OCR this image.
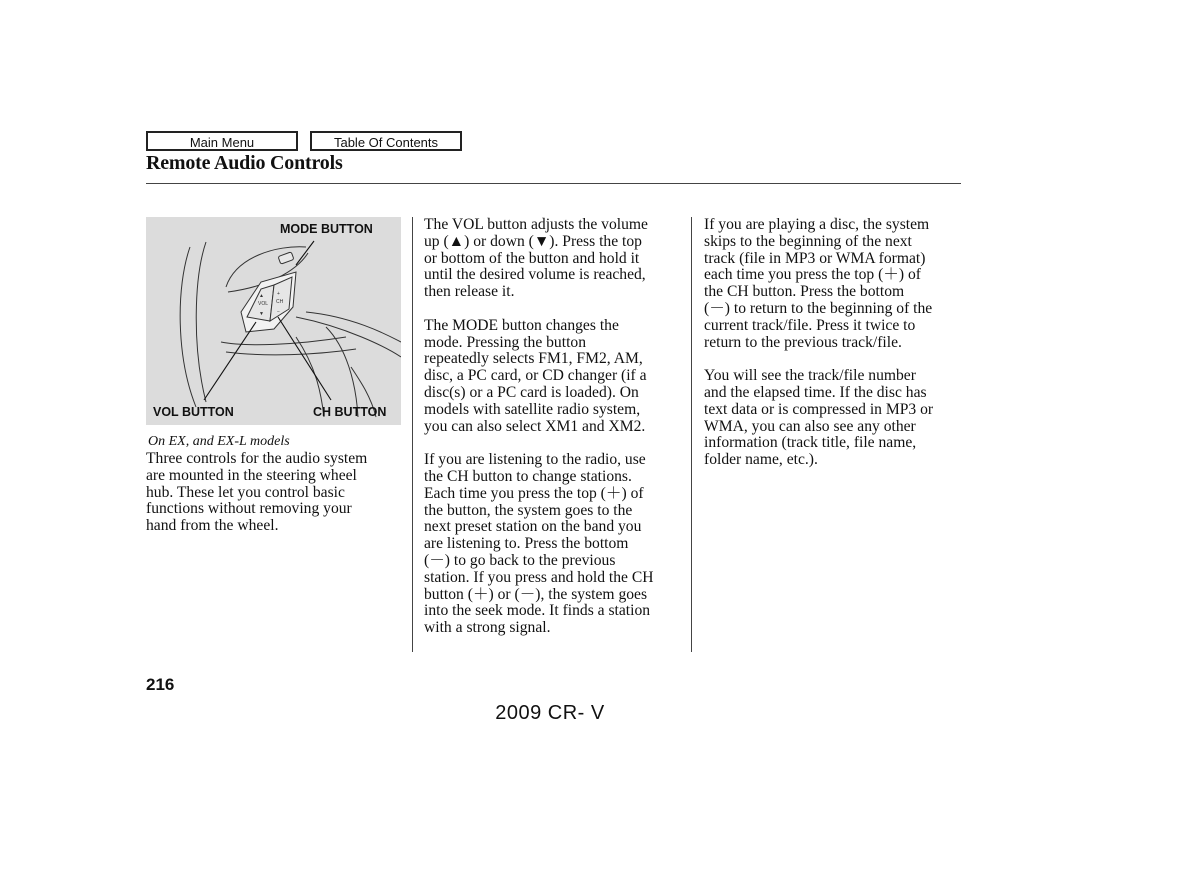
Main Menu	Table Of Contents
Remote Audio Controls
VOL CH
▲
▼
+
−
MODE BUTTON
VOL BUTTON	CH BUTTON
On EX, and EX-L models

Three controls for the audio system
are mounted in the steering wheel
hub. These let you control basic
functions without removing your
hand from the wheel.

The VOL button adjusts the volume
up (▲) or down (▼). Press the top
or bottom of the button and hold it
until the desired volume is reached,
then release it.

The MODE button changes the
mode. Pressing the button
repeatedly selects FM1, FM2, AM,
disc, a PC card, or CD changer (if a
disc(s) or a PC card is loaded). On
models with satellite radio system,
you can also select XM1 and XM2.

If you are listening to the radio, use
the CH button to change stations.
Each time you press the top (＋) of
the button, the system goes to the
next preset station on the band you
are listening to. Press the bottom
(－) to go back to the previous
station. If you press and hold the CH
button (＋) or (－), the system goes
into the seek mode. It finds a station
with a strong signal.

If you are playing a disc, the system
skips to the beginning of the next
track (file in MP3 or WMA format)
each time you press the top (＋) of
the CH button. Press the bottom
(－) to return to the beginning of the
current track/file. Press it twice to
return to the previous track/file.

You will see the track/file number
and the elapsed time. If the disc has
text data or is compressed in MP3 or
WMA, you can also see any other
information (track title, file name,
folder name, etc.).

216
2009 CR- V
